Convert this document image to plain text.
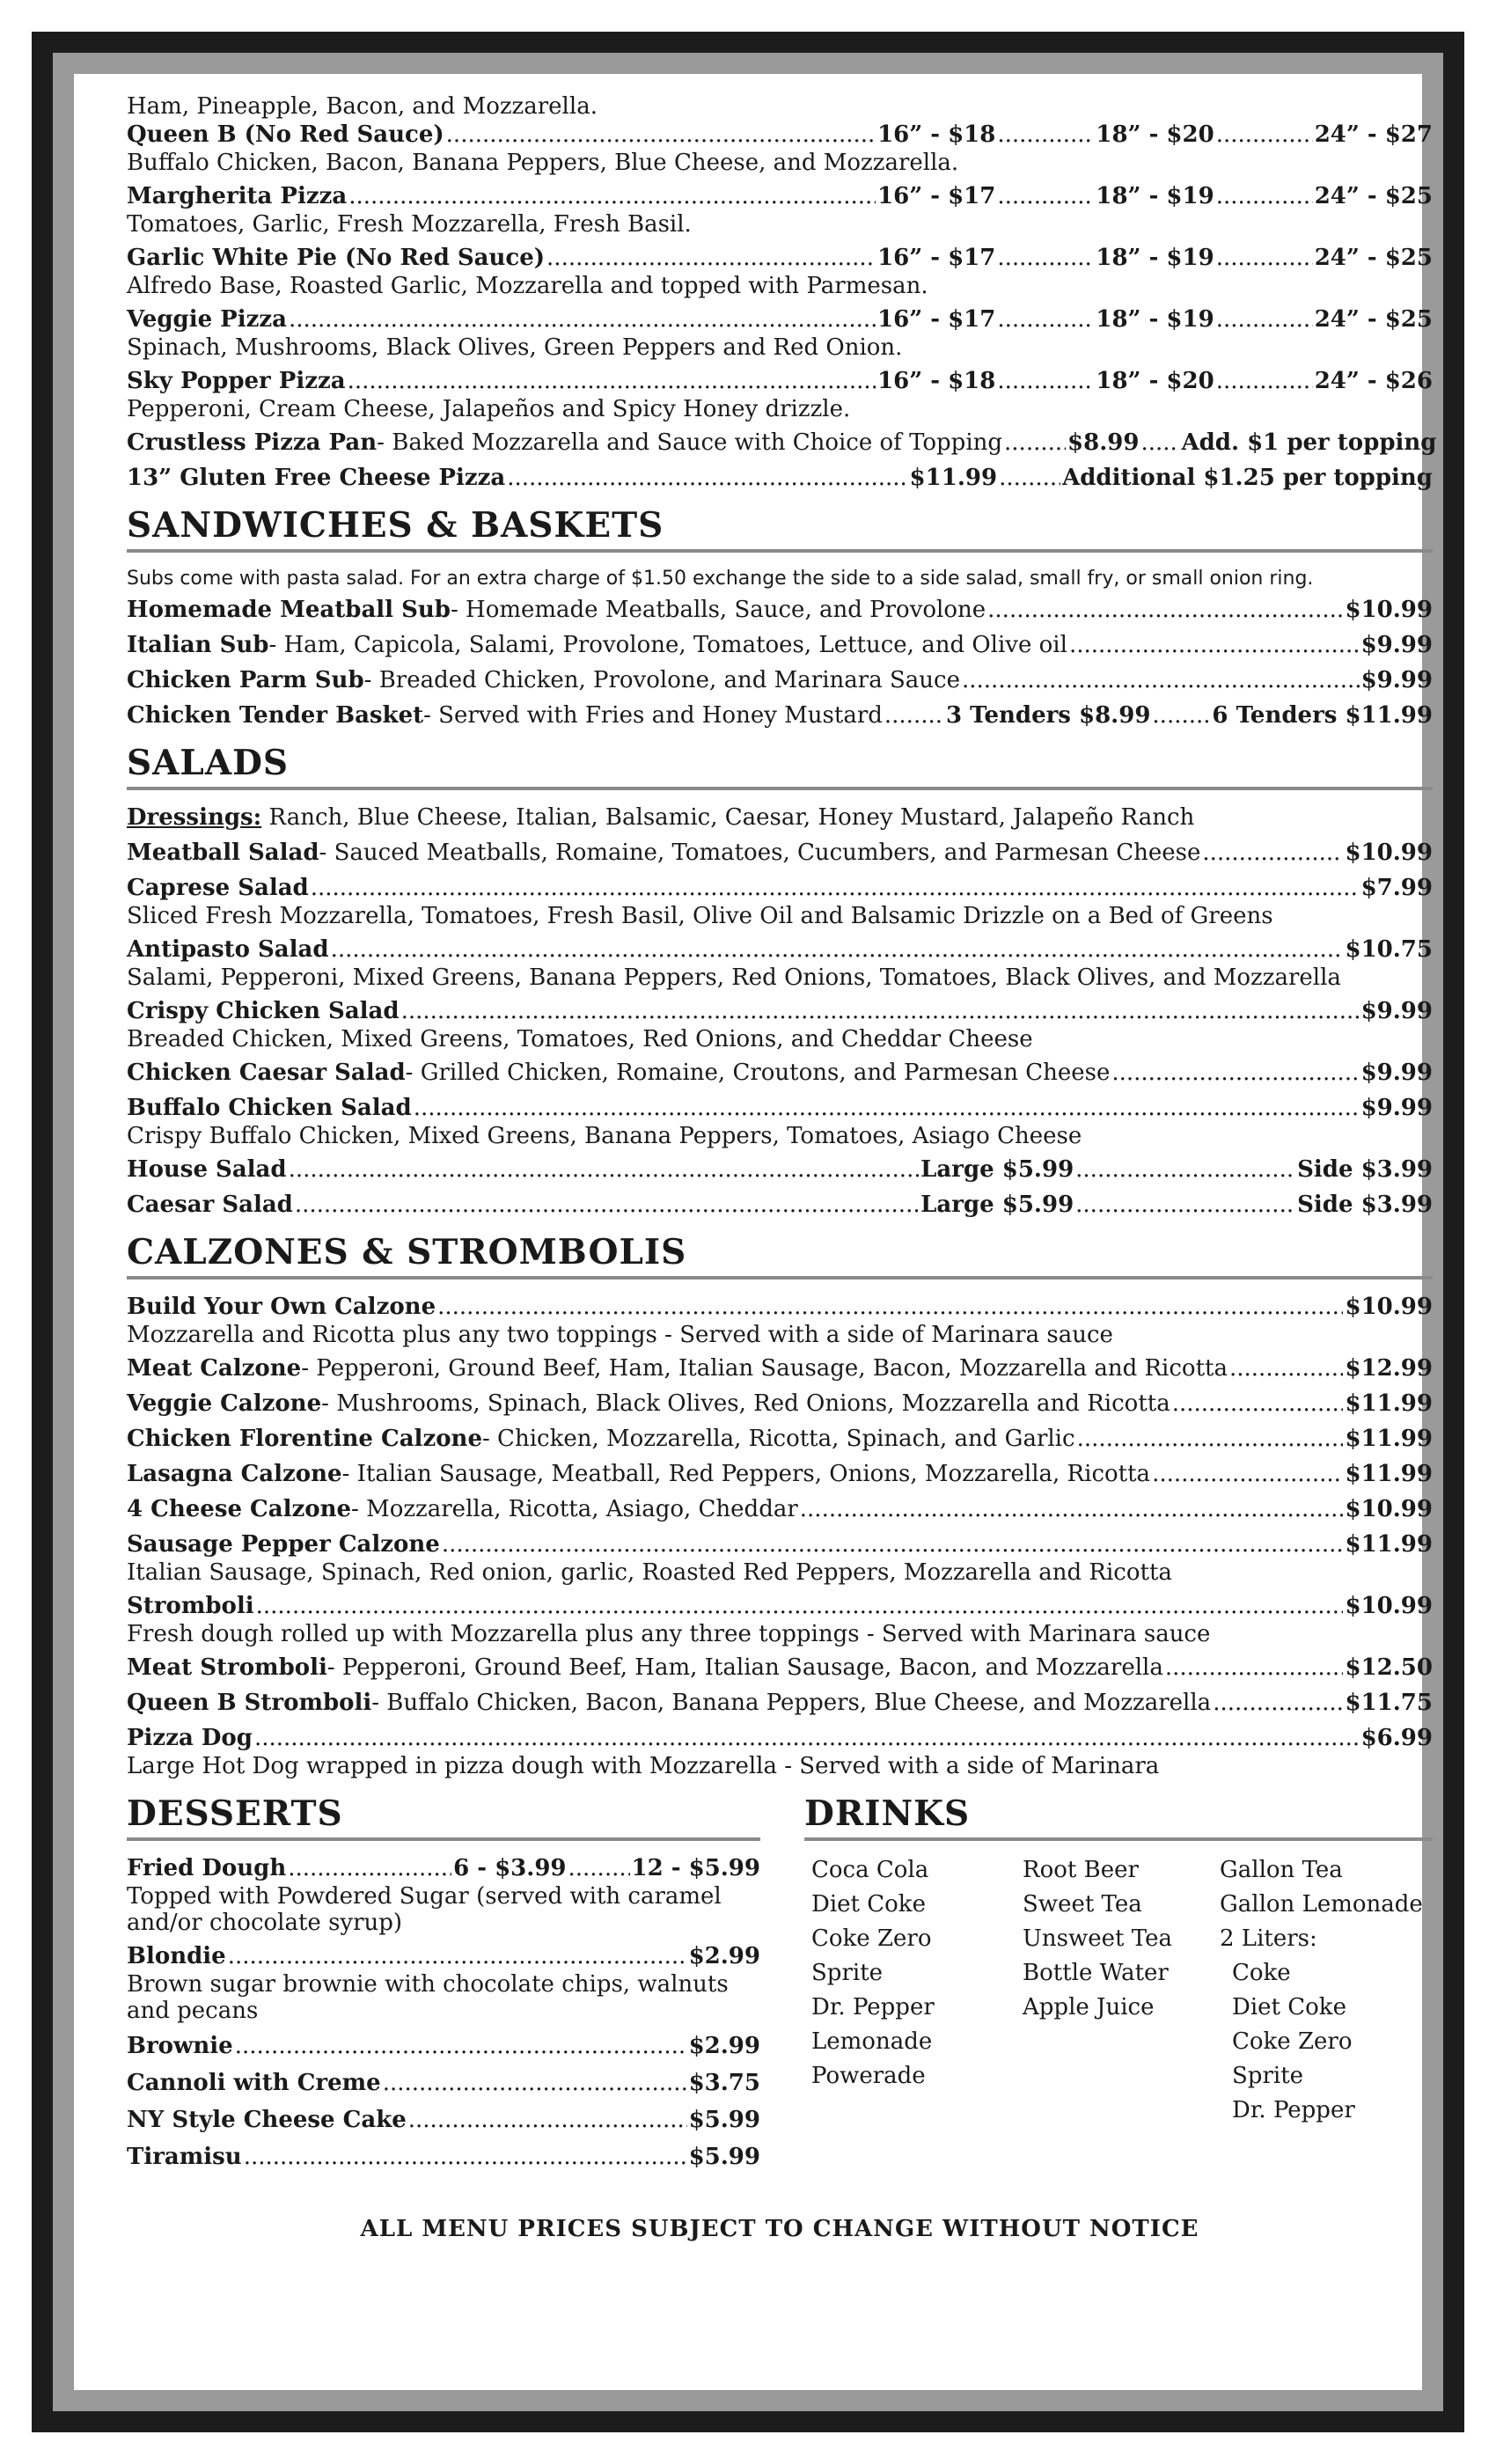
Ham, Pineapple, Bacon, and Mozzarella.
Queen B (No Red Sauce) .....	16” - $18 .....	18” - $20 .....	24” - $27
Buffalo Chicken, Bacon, Banana Peppers, Blue Cheese, and Mozzarella.
Margherita Pizza .....	16” - $17 .....	18” - $19 .....	24” - $25
Tomatoes, Garlic, Fresh Mozzarella, Fresh Basil.
Garlic White Pie (No Red Sauce) .....	16” - $17 .....	18” - $19 .....	24” - $25
Alfredo Base, Roasted Garlic, Mozzarella and topped with Parmesan.
Veggie Pizza .....	16” - $17 .....	18” - $19 .....	24” - $25
Spinach, Mushrooms, Black Olives, Green Peppers and Red Onion.
Sky Popper Pizza .....	16” - $18 .....	18” - $20 .....	24” - $26
Pepperoni, Cream Cheese, Jalapeños and Spicy Honey drizzle.
Crustless Pizza Pan - Baked Mozzarella and Sauce with Choice of Topping .....	$8.99 ..... Add. $1 per topping
13” Gluten Free Cheese Pizza .....	$11.99 .....	Additional $1.25 per topping
SANDWICHES & BASKETS
Subs come with pasta salad. For an extra charge of $1.50 exchange the side to a side salad, small fry, or small onion ring.
Homemade Meatball Sub - Homemade Meatballs, Sauce, and Provolone .....	$10.99
Italian Sub - Ham, Capicola, Salami, Provolone, Tomatoes, Lettuce, and Olive oil .....	$9.99
Chicken Parm Sub - Breaded Chicken, Provolone, and Marinara Sauce .....	$9.99
Chicken Tender Basket - Served with Fries and Honey Mustard .....	3 Tenders $8.99 .....	6 Tenders $11.99
SALADS
Dressings: Ranch, Blue Cheese, Italian, Balsamic, Caesar, Honey Mustard, Jalapeño Ranch
Meatball Salad - Sauced Meatballs, Romaine, Tomatoes, Cucumbers, and Parmesan Cheese .....	$10.99
Caprese Salad .....	$7.99
Sliced Fresh Mozzarella, Tomatoes, Fresh Basil, Olive Oil and Balsamic Drizzle on a Bed of Greens
Antipasto Salad .....	$10.75
Salami, Pepperoni, Mixed Greens, Banana Peppers, Red Onions, Tomatoes, Black Olives, and Mozzarella
Crispy Chicken Salad .....	$9.99
Breaded Chicken, Mixed Greens, Tomatoes, Red Onions, and Cheddar Cheese
Chicken Caesar Salad - Grilled Chicken, Romaine, Croutons, and Parmesan Cheese .....	$9.99
Buffalo Chicken Salad .....	$9.99
Crispy Buffalo Chicken, Mixed Greens, Banana Peppers, Tomatoes, Asiago Cheese
House Salad .....	Large $5.99 .....	Side $3.99
Caesar Salad .....	Large $5.99 .....	Side $3.99
CALZONES & STROMBOLIS
Build Your Own Calzone .....	$10.99
Mozzarella and Ricotta plus any two toppings - Served with a side of Marinara sauce
Meat Calzone - Pepperoni, Ground Beef, Ham, Italian Sausage, Bacon, Mozzarella and Ricotta .....	$12.99
Veggie Calzone - Mushrooms, Spinach, Black Olives, Red Onions, Mozzarella and Ricotta .....	$11.99
Chicken Florentine Calzone - Chicken, Mozzarella, Ricotta, Spinach, and Garlic .....	$11.99
Lasagna Calzone - Italian Sausage, Meatball, Red Peppers, Onions, Mozzarella, Ricotta .....	$11.99
4 Cheese Calzone - Mozzarella, Ricotta, Asiago, Cheddar .....	$10.99
Sausage Pepper Calzone .....	$11.99
Italian Sausage, Spinach, Red onion, garlic, Roasted Red Peppers, Mozzarella and Ricotta
Stromboli .....	$10.99
Fresh dough rolled up with Mozzarella plus any three toppings - Served with Marinara sauce
Meat Stromboli - Pepperoni, Ground Beef, Ham, Italian Sausage, Bacon, and Mozzarella .....	$12.50
Queen B Stromboli - Buffalo Chicken, Bacon, Banana Peppers, Blue Cheese, and Mozzarella .....	$11.75
Pizza Dog .....	$6.99
Large Hot Dog wrapped in pizza dough with Mozzarella - Served with a side of Marinara
DESSERTS
Fried Dough .....	6 - $3.99 .....	12 - $5.99
Topped with Powdered Sugar (served with caramel and/or chocolate syrup)
Blondie .....	$2.99
Brown sugar brownie with chocolate chips, walnuts and pecans
Brownie .....	$2.99
Cannoli with Creme .....	$3.75
NY Style Cheese Cake .....	$5.99
Tiramisu .....	$5.99
DRINKS
Coca Cola
Diet Coke
Coke Zero
Sprite
Dr. Pepper
Lemonade
Powerade
Root Beer
Sweet Tea
Unsweet Tea
Bottle Water
Apple Juice
Gallon Tea
Gallon Lemonade
2 Liters:
Coke
Diet Coke
Coke Zero
Sprite
Dr. Pepper
ALL MENU PRICES SUBJECT TO CHANGE WITHOUT NOTICE
